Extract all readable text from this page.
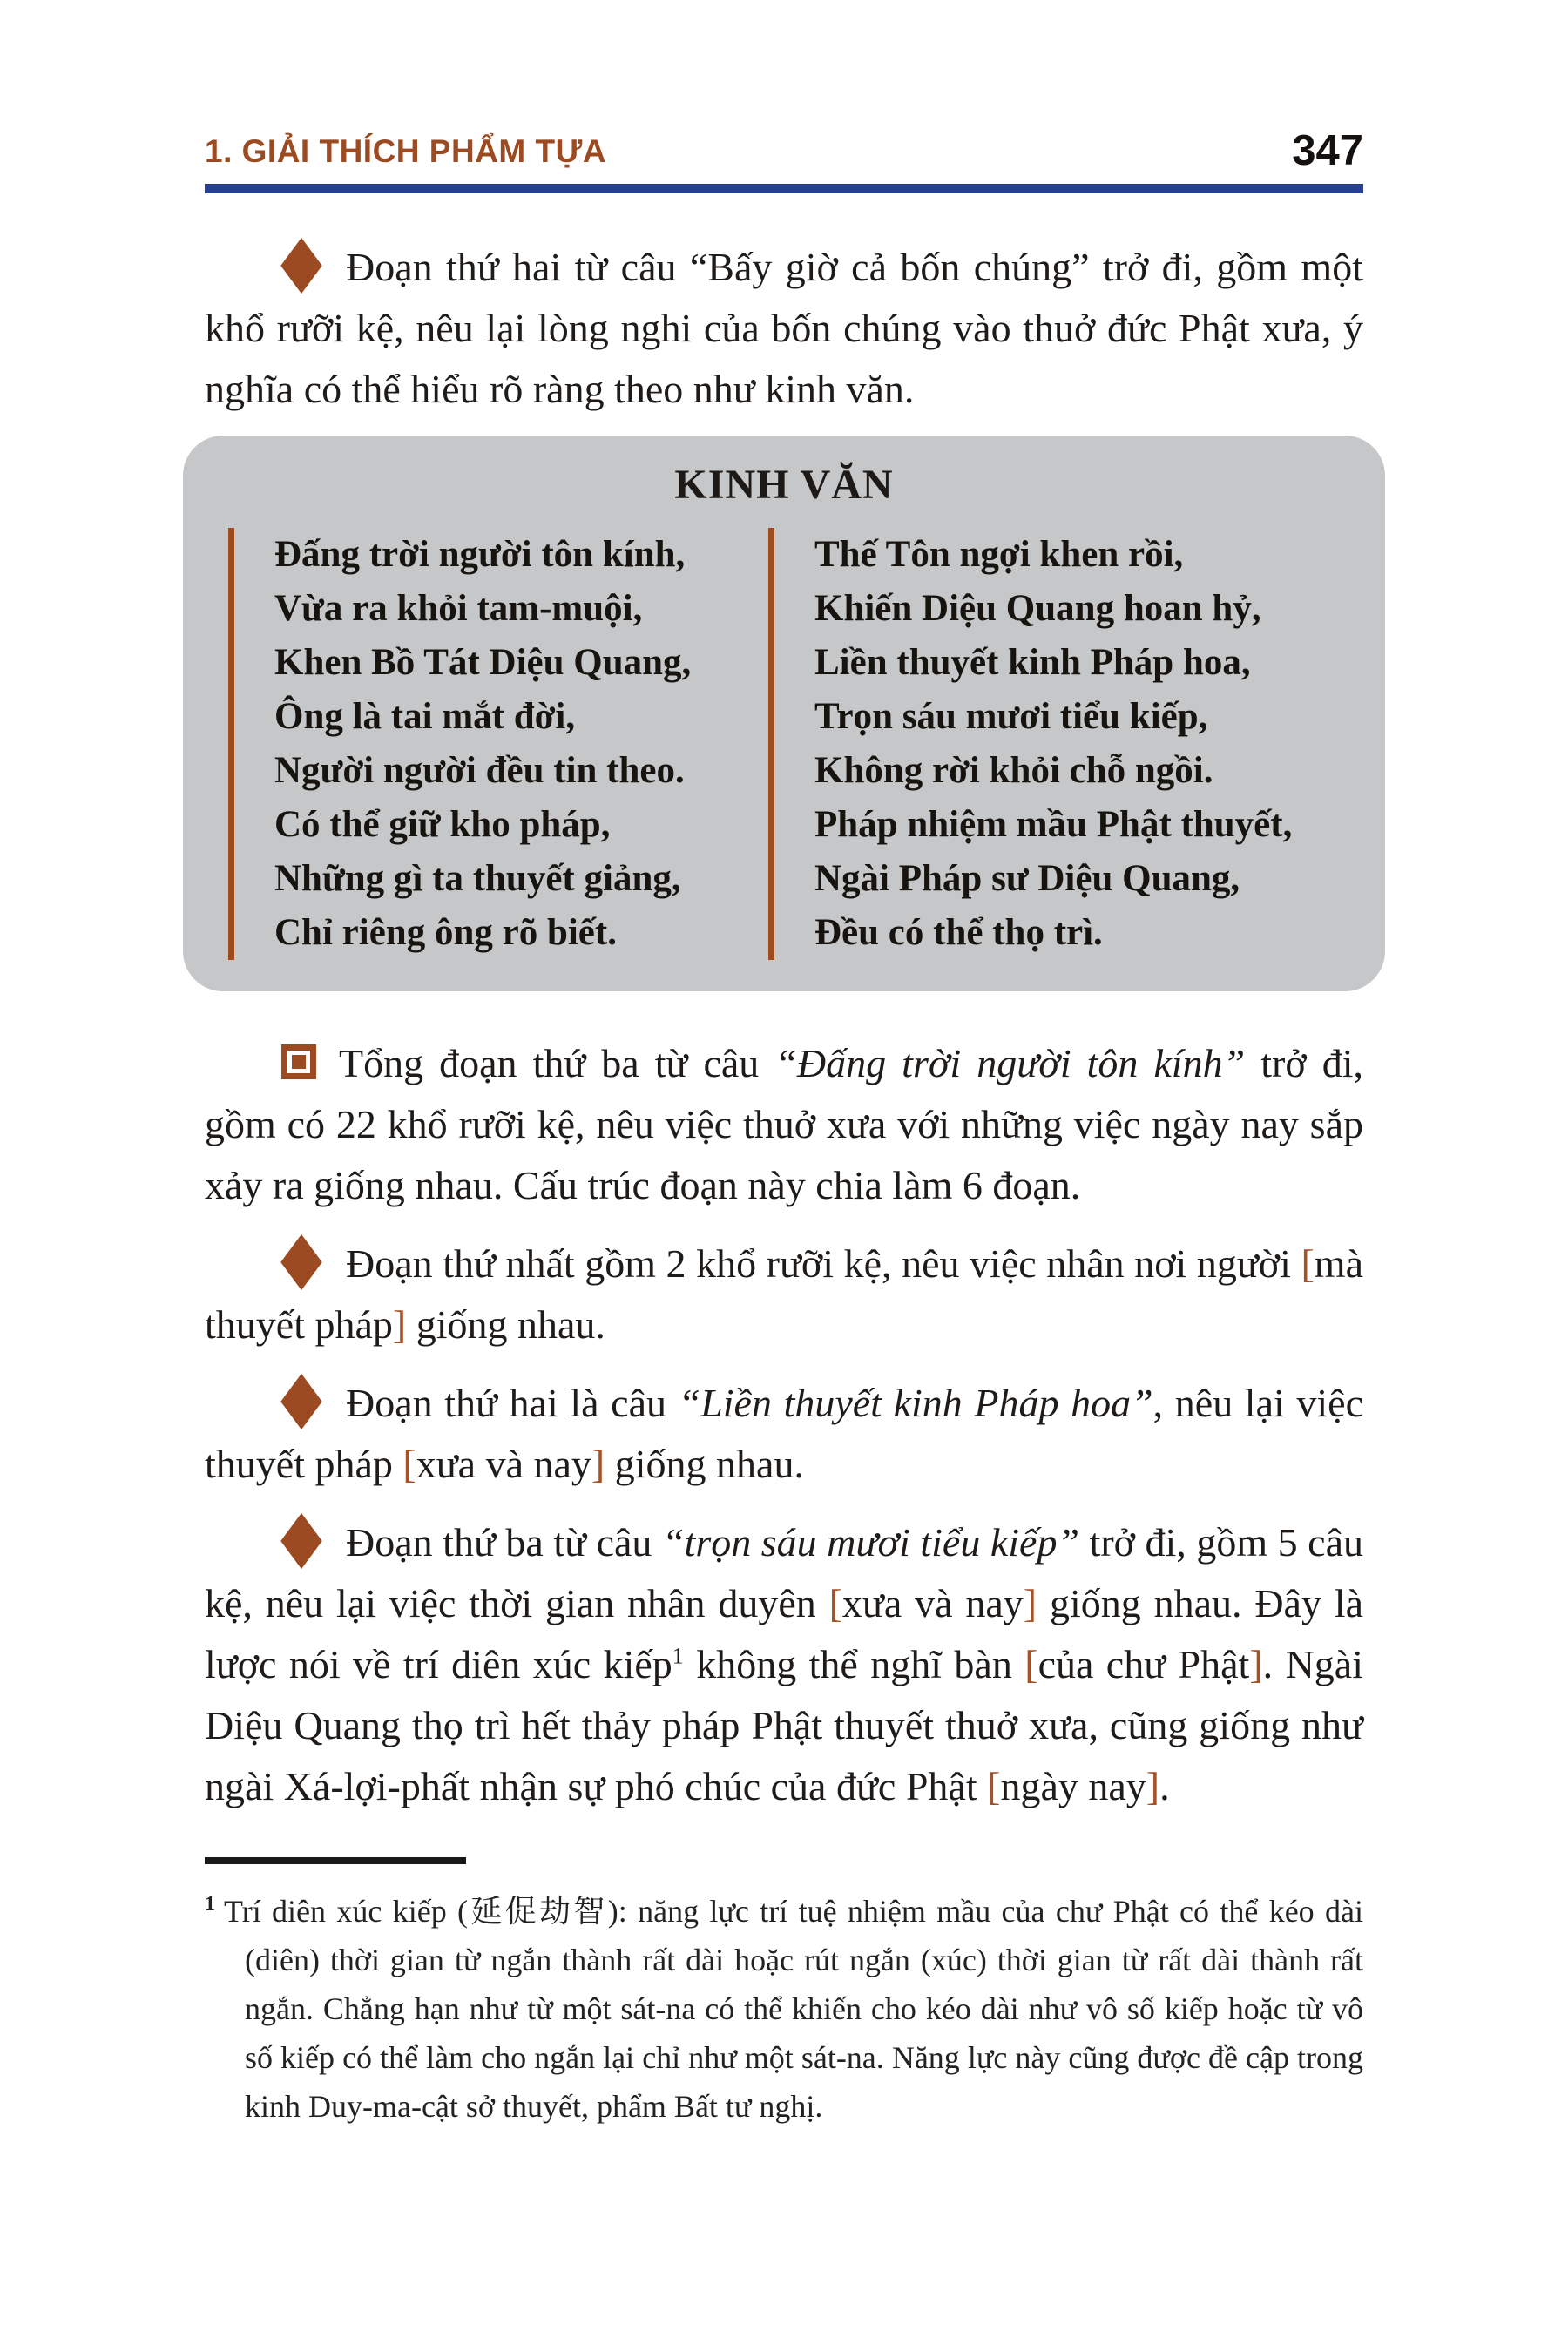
1. GIẢI THÍCH PHẨM TỰA	347

Đoạn thứ hai từ câu “Bấy giờ cả bốn chúng” trở đi, gồm một khổ rưỡi kệ, nêu lại lòng nghi của bốn chúng vào thuở đức Phật xưa, ý nghĩa có thể hiểu rõ ràng theo như kinh văn.

KINH VĂN
Đấng trời người tôn kính,
Vừa ra khỏi tam-muội,
Khen Bồ Tát Diệu Quang,
Ông là tai mắt đời,
Người người đều tin theo.
Có thể giữ kho pháp,
Những gì ta thuyết giảng,
Chỉ riêng ông rõ biết.
Thế Tôn ngợi khen rồi,
Khiến Diệu Quang hoan hỷ,
Liền thuyết kinh Pháp hoa,
Trọn sáu mươi tiểu kiếp,
Không rời khỏi chỗ ngồi.
Pháp nhiệm mầu Phật thuyết,
Ngài Pháp sư Diệu Quang,
Đều có thể thọ trì.

Tổng đoạn thứ ba từ câu “Đấng trời người tôn kính” trở đi, gồm có 22 khổ rưỡi kệ, nêu việc thuở xưa với những việc ngày nay sắp xảy ra giống nhau. Cấu trúc đoạn này chia làm 6 đoạn.

Đoạn thứ nhất gồm 2 khổ rưỡi kệ, nêu việc nhân nơi người [mà thuyết pháp] giống nhau.

Đoạn thứ hai là câu “Liền thuyết kinh Pháp hoa”, nêu lại việc thuyết pháp [xưa và nay] giống nhau.

Đoạn thứ ba từ câu “trọn sáu mươi tiểu kiếp” trở đi, gồm 5 câu kệ, nêu lại việc thời gian nhân duyên [xưa và nay] giống nhau. Đây là lược nói về trí diên xúc kiếp$^1$ không thể nghĩ bàn [của chư Phật]. Ngài Diệu Quang thọ trì hết thảy pháp Phật thuyết thuở xưa, cũng giống như ngài Xá-lợi-phất nhận sự phó chúc của đức Phật [ngày nay].

$^1$ Trí diên xúc kiếp (延促劫智): năng lực trí tuệ nhiệm mầu của chư Phật có thể kéo dài (diên) thời gian từ ngắn thành rất dài hoặc rút ngắn (xúc) thời gian từ rất dài thành rất ngắn. Chẳng hạn như từ một sát-na có thể khiến cho kéo dài như vô số kiếp hoặc từ vô số kiếp có thể làm cho ngắn lại chỉ như một sát-na. Năng lực này cũng được đề cập trong kinh Duy-ma-cật sở thuyết, phẩm Bất tư nghị.
